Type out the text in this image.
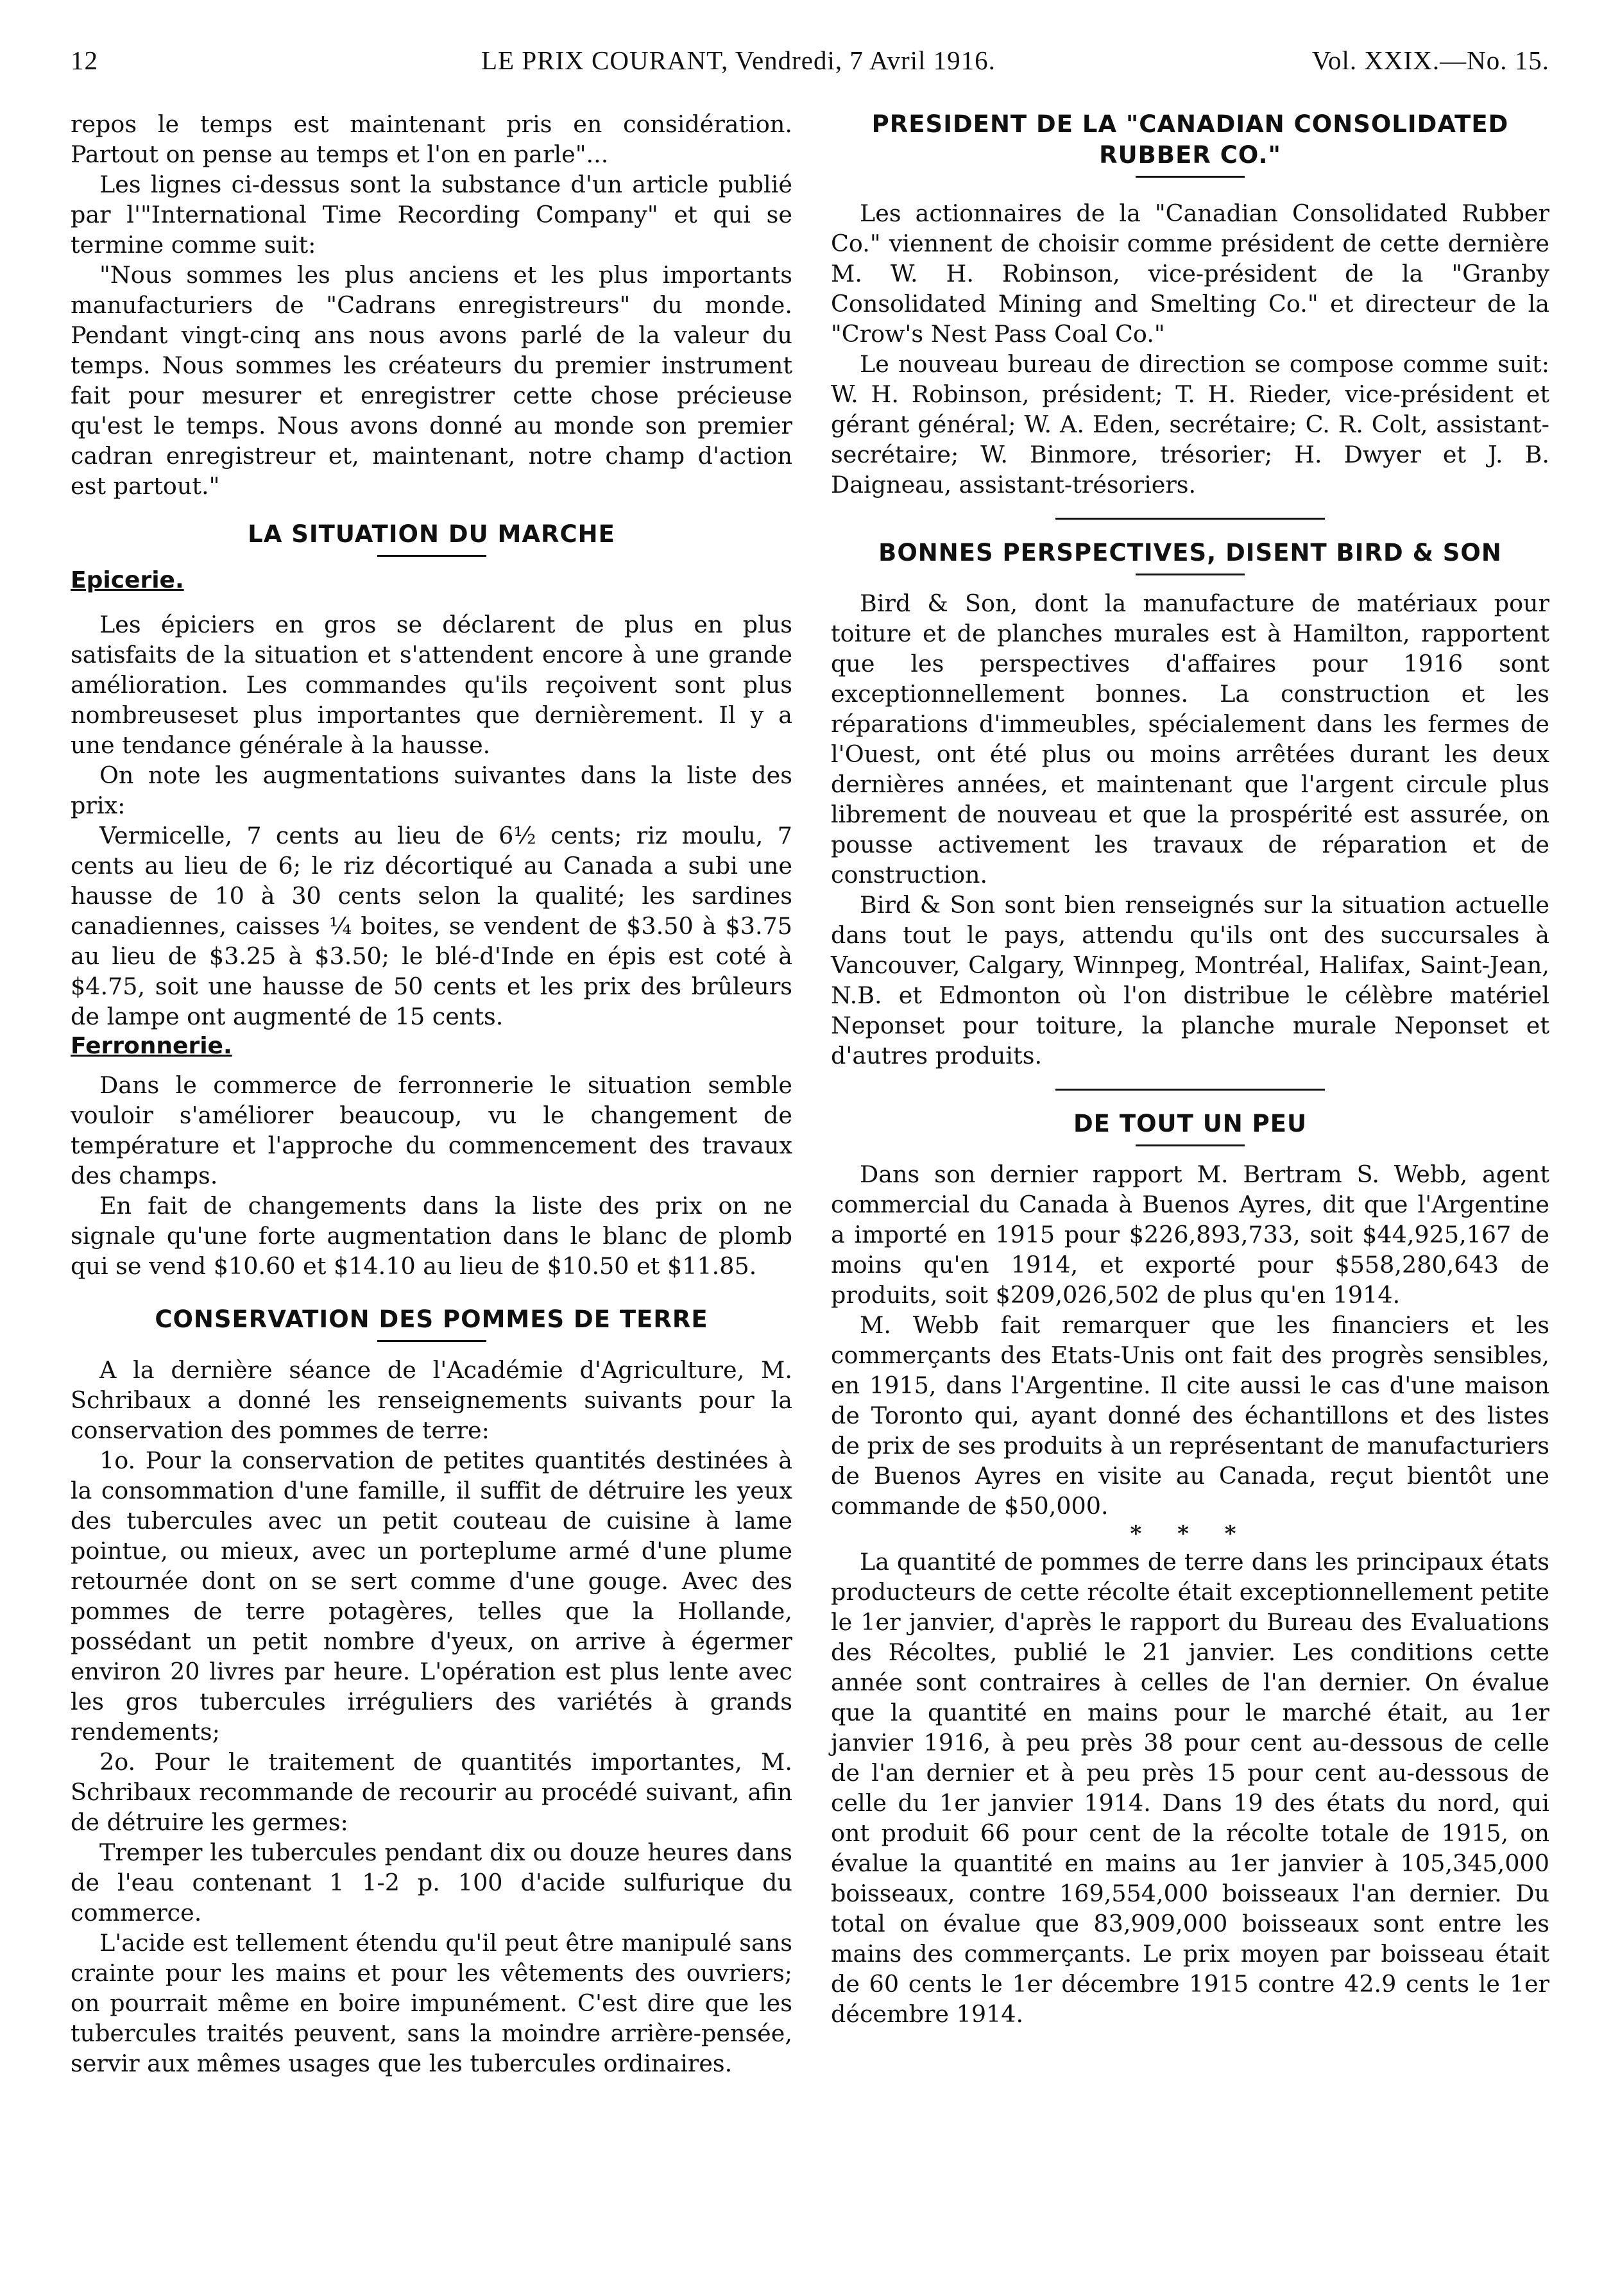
12	LE PRIX COURANT, Vendredi, 7 Avril 1916.	Vol. XXIX.—No. 15.

repos le temps est maintenant pris en considération. Partout on pense au temps et l'on en parle"...

Les lignes ci-dessus sont la substance d'un article publié par l'"International Time Recording Company" et qui se termine comme suit:

"Nous sommes les plus anciens et les plus importants manufacturiers de "Cadrans enregistreurs" du monde. Pendant vingt-cinq ans nous avons parlé de la valeur du temps. Nous sommes les créateurs du premier instrument fait pour mesurer et enregistrer cette chose précieuse qu'est le temps. Nous avons donné au monde son premier cadran enregistreur et, maintenant, notre champ d'action est partout."

LA SITUATION DU MARCHE
Epicerie.

Les épiciers en gros se déclarent de plus en plus satisfaits de la situation et s'attendent encore à une grande amélioration. Les commandes qu'ils reçoivent sont plus nombreuseset plus importantes que dernièrement. Il y a une tendance générale à la hausse.

On note les augmentations suivantes dans la liste des prix:

Vermicelle, 7 cents au lieu de 6½ cents; riz moulu, 7 cents au lieu de 6; le riz décortiqué au Canada a subi une hausse de 10 à 30 cents selon la qualité; les sardines canadiennes, caisses ¼ boites, se vendent de $3.50 à $3.75 au lieu de $3.25 à $3.50; le blé-d'Inde en épis est coté à $4.75, soit une hausse de 50 cents et les prix des brûleurs de lampe ont augmenté de 15 cents.

Ferronnerie.

Dans le commerce de ferronnerie le situation semble vouloir s'améliorer beaucoup, vu le changement de température et l'approche du commencement des travaux des champs.

En fait de changements dans la liste des prix on ne signale qu'une forte augmentation dans le blanc de plomb qui se vend $10.60 et $14.10 au lieu de $10.50 et $11.85.

CONSERVATION DES POMMES DE TERRE

A la dernière séance de l'Académie d'Agriculture, M. Schribaux a donné les renseignements suivants pour la conservation des pommes de terre:

1o. Pour la conservation de petites quantités destinées à la consommation d'une famille, il suffit de détruire les yeux des tubercules avec un petit couteau de cuisine à lame pointue, ou mieux, avec un porteplume armé d'une plume retournée dont on se sert comme d'une gouge. Avec des pommes de terre potagères, telles que la Hollande, possédant un petit nombre d'yeux, on arrive à égermer environ 20 livres par heure. L'opération est plus lente avec les gros tubercules irréguliers des variétés à grands rendements;

2o. Pour le traitement de quantités importantes, M. Schribaux recommande de recourir au procédé suivant, afin de détruire les germes:

Tremper les tubercules pendant dix ou douze heures dans de l'eau contenant 1 1-2 p. 100 d'acide sulfurique du commerce.

L'acide est tellement étendu qu'il peut être manipulé sans crainte pour les mains et pour les vêtements des ouvriers; on pourrait même en boire impunément. C'est dire que les tubercules traités peuvent, sans la moindre arrière-pensée, servir aux mêmes usages que les tubercules ordinaires.

PRESIDENT DE LA "CANADIAN CONSOLIDATED RUBBER CO."

Les actionnaires de la "Canadian Consolidated Rubber Co." viennent de choisir comme président de cette dernière M. W. H. Robinson, vice-président de la "Granby Consolidated Mining and Smelting Co." et directeur de la "Crow's Nest Pass Coal Co."

Le nouveau bureau de direction se compose comme suit: W. H. Robinson, président; T. H. Rieder, vice-président et gérant général; W. A. Eden, secrétaire; C. R. Colt, assistant-secrétaire; W. Binmore, trésorier; H. Dwyer et J. B. Daigneau, assistant-trésoriers.

BONNES PERSPECTIVES, DISENT BIRD & SON

Bird & Son, dont la manufacture de matériaux pour toiture et de planches murales est à Hamilton, rapportent que les perspectives d'affaires pour 1916 sont exceptionnellement bonnes. La construction et les réparations d'immeubles, spécialement dans les fermes de l'Ouest, ont été plus ou moins arrêtées durant les deux dernières années, et maintenant que l'argent circule plus librement de nouveau et que la prospérité est assurée, on pousse activement les travaux de réparation et de construction.

Bird & Son sont bien renseignés sur la situation actuelle dans tout le pays, attendu qu'ils ont des succursales à Vancouver, Calgary, Winnpeg, Montréal, Halifax, Saint-Jean, N.B. et Edmonton où l'on distribue le célèbre matériel Neponset pour toiture, la planche murale Neponset et d'autres produits.

DE TOUT UN PEU

Dans son dernier rapport M. Bertram S. Webb, agent commercial du Canada à Buenos Ayres, dit que l'Argentine a importé en 1915 pour $226,893,733, soit $44,925,167 de moins qu'en 1914, et exporté pour $558,280,643 de produits, soit $209,026,502 de plus qu'en 1914.

M. Webb fait remarquer que les financiers et les commerçants des Etats-Unis ont fait des progrès sensibles, en 1915, dans l'Argentine. Il cite aussi le cas d'une maison de Toronto qui, ayant donné des échantillons et des listes de prix de ses produits à un représentant de manufacturiers de Buenos Ayres en visite au Canada, reçut bientôt une commande de $50,000.

* * *

La quantité de pommes de terre dans les principaux états producteurs de cette récolte était exceptionnellement petite le 1er janvier, d'après le rapport du Bureau des Evaluations des Récoltes, publié le 21 janvier. Les conditions cette année sont contraires à celles de l'an dernier. On évalue que la quantité en mains pour le marché était, au 1er janvier 1916, à peu près 38 pour cent au-dessous de celle de l'an dernier et à peu près 15 pour cent au-dessous de celle du 1er janvier 1914. Dans 19 des états du nord, qui ont produit 66 pour cent de la récolte totale de 1915, on évalue la quantité en mains au 1er janvier à 105,345,000 boisseaux, contre 169,554,000 boisseaux l'an dernier. Du total on évalue que 83,909,000 boisseaux sont entre les mains des commerçants. Le prix moyen par boisseau était de 60 cents le 1er décembre 1915 contre 42.9 cents le 1er décembre 1914.
